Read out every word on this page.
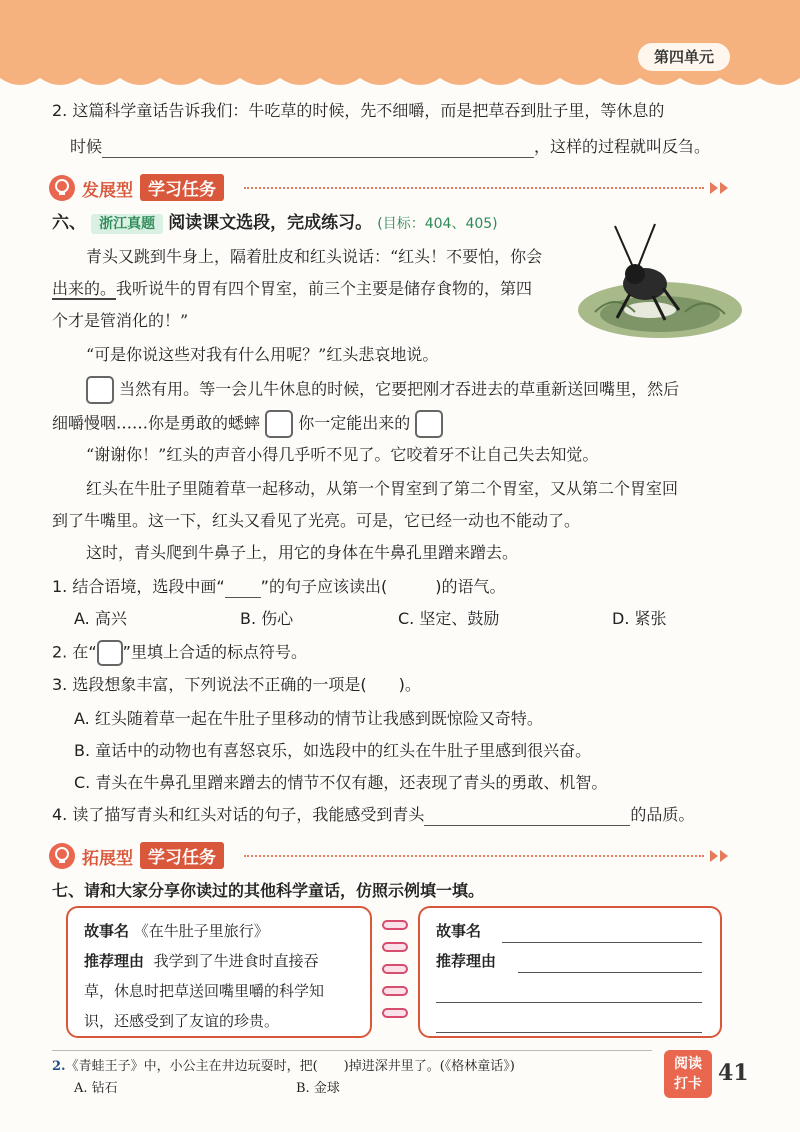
第四单元
2. 这篇科学童话告诉我们：牛吃草的时候，先不细嚼，而是把草吞到肚子里，等休息的
时候	，这样的过程就叫反刍。
发展型 学习任务
六、 浙江真题 阅读课文选段，完成练习。 (目标：404、405)
青头又跳到牛身上，隔着肚皮和红头说话：“红头！不要怕，你会
出来的。我听说牛的胃有四个胃室，前三个主要是储存食物的，第四
个才是管消化的！”
“可是你说这些对我有什么用呢？”红头悲哀地说。
当然有用。等一会儿牛休息的时候，它要把刚才吞进去的草重新送回嘴里，然后
细嚼慢咽……你是勇敢的蟋蟀 你一定能出来的
“谢谢你！”红头的声音小得几乎听不见了。它咬着牙不让自己失去知觉。
红头在牛肚子里随着草一起移动，从第一个胃室到了第二个胃室，又从第二个胃室回
到了牛嘴里。这一下，红头又看见了光亮。可是，它已经一动也不能动了。
这时，青头爬到牛鼻子上，用它的身体在牛鼻孔里蹭来蹭去。
1. 结合语境，选段中画“ ”的句子应该读出(	)的语气。
A. 高兴	B. 伤心	C. 坚定、鼓励	D. 紧张
2. 在“ ”里填上合适的标点符号。
3. 选段想象丰富，下列说法不正确的一项是(　　)。
A. 红头随着草一起在牛肚子里移动的情节让我感到既惊险又奇特。
B. 童话中的动物也有喜怒哀乐，如选段中的红头在牛肚子里感到很兴奋。
C. 青头在牛鼻孔里蹭来蹭去的情节不仅有趣，还表现了青头的勇敢、机智。
4. 读了描写青头和红头对话的句子，我能感受到青头	的品质。
拓展型 学习任务
七、请和大家分享你读过的其他科学童话，仿照示例填一填。
故事名 《在牛肚子里旅行》
推荐理由 我学到了牛进食时直接吞
草，休息时把草送回嘴里嚼的科学知
识，还感受到了友谊的珍贵。
故事名
推荐理由
2.《青蛙王子》中，小公主在井边玩耍时，把(　　)掉进深井里了。(《格林童话》)
A. 钻石	B. 金球
阅读
打卡 41
